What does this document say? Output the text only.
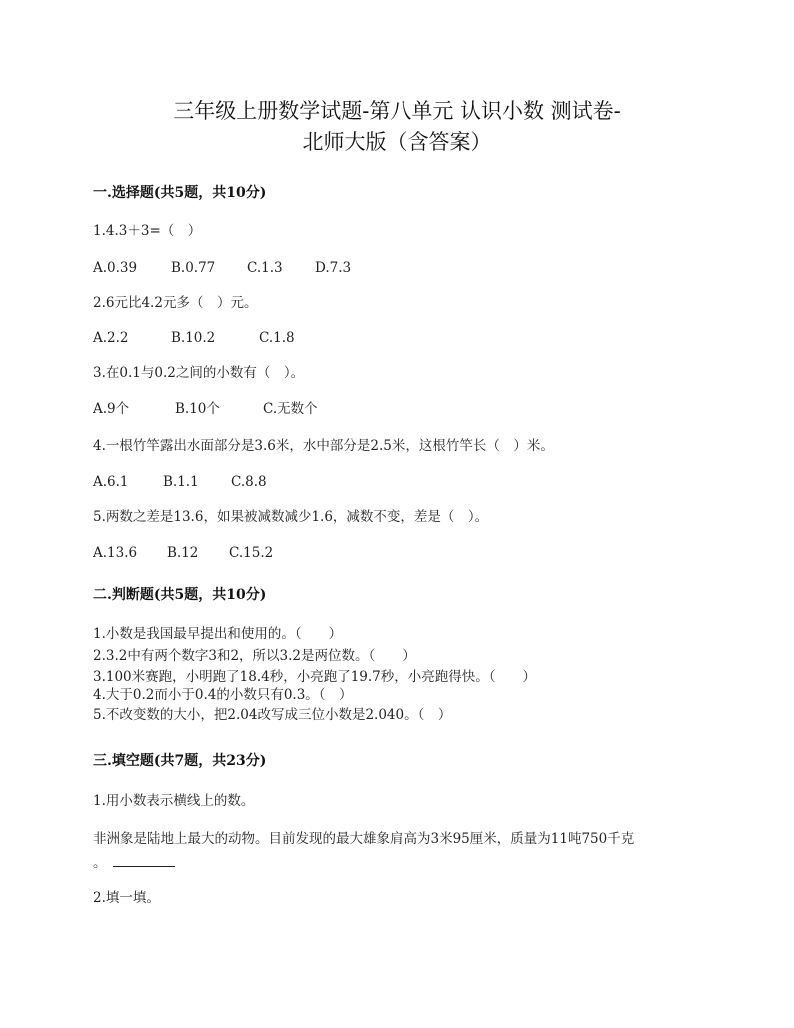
三年级上册数学试题-第八单元 认识小数 测试卷-
北师大版（含答案）
一.选择题(共5题，共10分)
1.4.3＋3=（　）
A.0.39	B.0.77 C.1.3 D.7.3
2.6元比4.2元多（　）元。
A.2.2	B.10.2	C.1.8
3.在0.1与0.2之间的小数有（　）。
A.9个	B.10个	C.无数个
4.一根竹竿露出水面部分是3.6米，水中部分是2.5米，这根竹竿长（　）米。
A.6.1	B.1.1 C.8.8
5.两数之差是13.6，如果被减数减少1.6，减数不变，差是（　）。
A.13.6 B.12 C.15.2
二.判断题(共5题，共10分)
1.小数是我国最早提出和使用的。（　　）
2.3.2中有两个数字3和2，所以3.2是两位数。（　　）
3.100米赛跑，小明跑了18.4秒，小亮跑了19.7秒，小亮跑得快。（　　）
4.大于0.2而小于0.4的小数只有0.3。（　）
5.不改变数的大小，把2.04改写成三位小数是2.040。（　）
三.填空题(共7题，共23分)
1.用小数表示横线上的数。
非洲象是陆地上最大的动物。目前发现的最大雄象肩高为3米95厘米，质量为11吨750千克
。
2.填一填。
